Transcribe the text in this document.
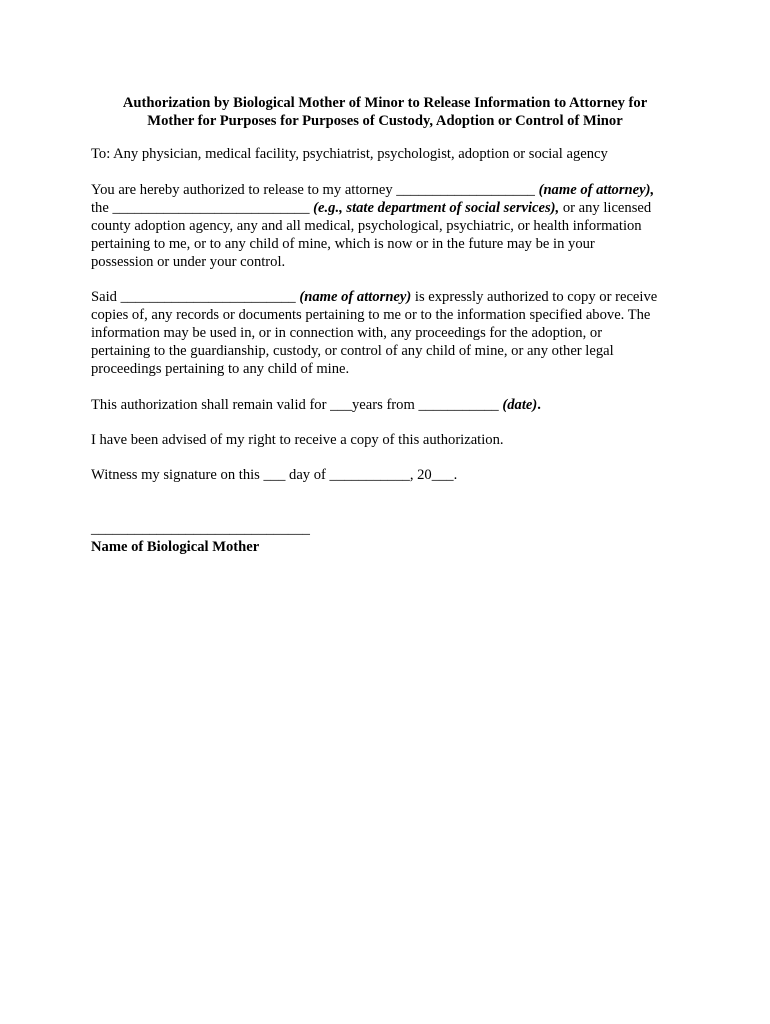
Authorization by Biological Mother of Minor to Release Information to Attorney for
Mother for Purposes for Purposes of Custody, Adoption or Control of Minor
To: Any physician, medical facility, psychiatrist, psychologist, adoption or social agency
You are hereby authorized to release to my attorney ___________________ (name of attorney),
the ___________________________ (e.g., state department of social services), or any licensed
county adoption agency, any and all medical, psychological, psychiatric, or health information
pertaining to me, or to any child of mine, which is now or in the future may be in your
possession or under your control.
Said ________________________ (name of attorney) is expressly authorized to copy or receive
copies of, any records or documents pertaining to me or to the information specified above. The
information may be used in, or in connection with, any proceedings for the adoption, or
pertaining to the guardianship, custody, or control of any child of mine, or any other legal
proceedings pertaining to any child of mine.
This authorization shall remain valid for ___years from ___________ (date).
I have been advised of my right to receive a copy of this authorization.
Witness my signature on this ___ day of ___________, 20___.
______________________________
Name of Biological Mother
